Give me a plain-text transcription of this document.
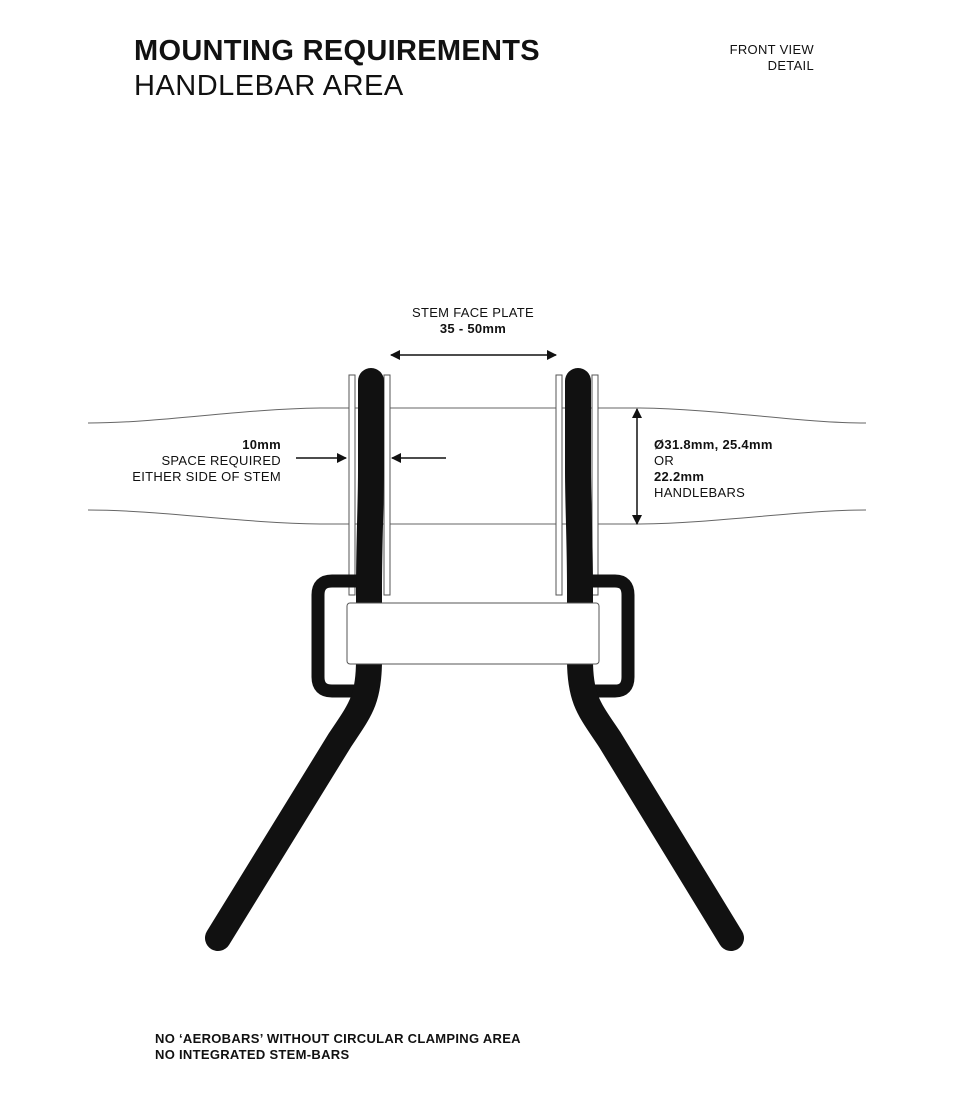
MOUNTING REQUIREMENTS
HANDLEBAR AREA
FRONT VIEW
DETAIL
STEM FACE PLATE
35 - 50mm
10mm
SPACE REQUIRED
EITHER SIDE OF STEM
Ø31.8mm, 25.4mm
OR
22.2mm
HANDLEBARS
NO ‘AEROBARS’ WITHOUT CIRCULAR CLAMPING AREA
NO INTEGRATED STEM-BARS
